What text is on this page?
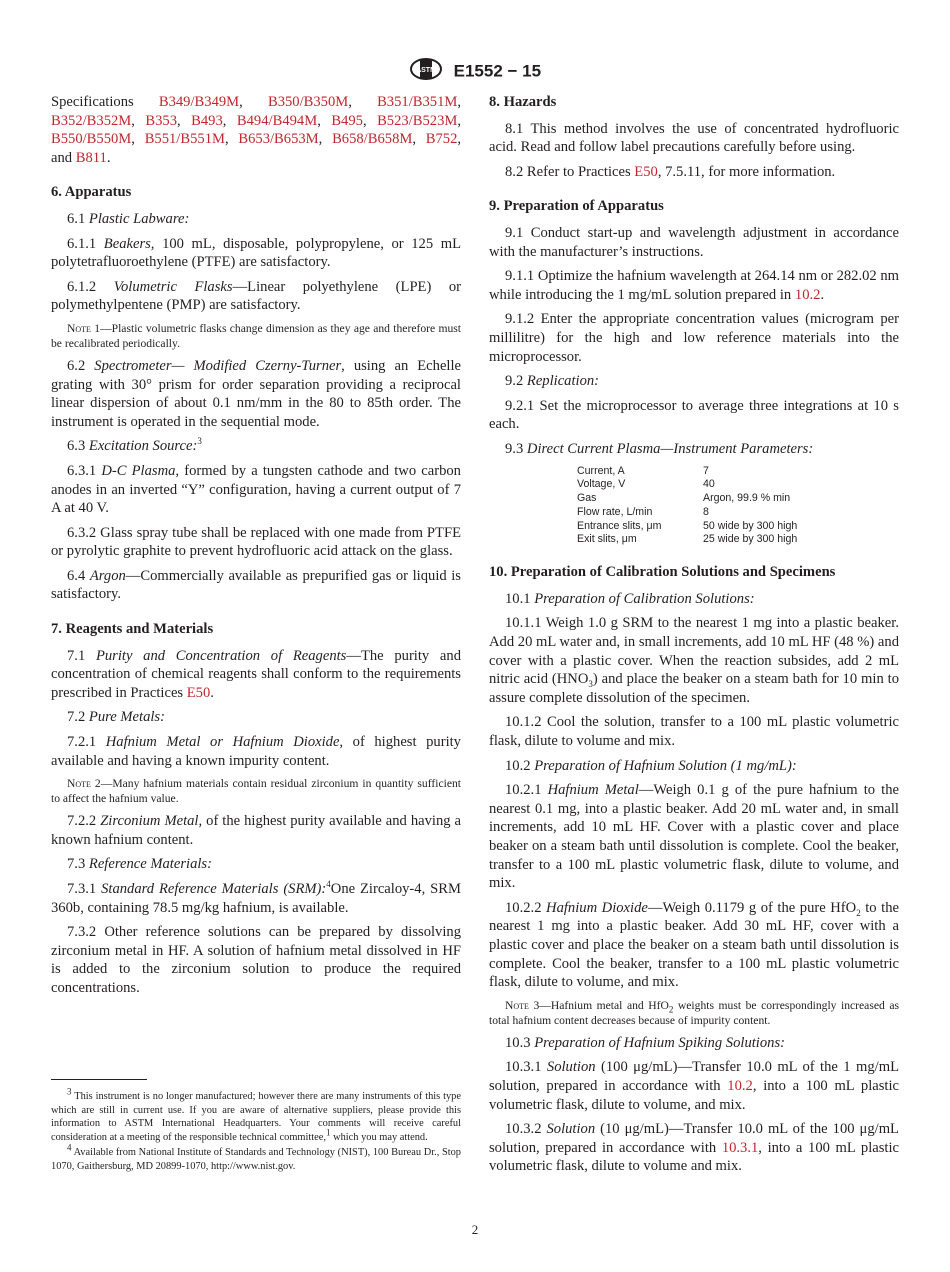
ASTM E1552 − 15

Specifications B349/B349M, B350/B350M, B351/B351M, B352/B352M, B353, B493, B494/B494M, B495, B523/B523M, B550/B550M, B551/B551M, B653/B653M, B658/B658M, B752, and B811.

6. Apparatus

6.1 Plastic Labware:

6.1.1 Beakers, 100 mL, disposable, polypropylene, or 125 mL polytetrafluoroethylene (PTFE) are satisfactory.

6.1.2 Volumetric Flasks—Linear polyethylene (LPE) or polymethylpentene (PMP) are satisfactory.

Note 1—Plastic volumetric flasks change dimension as they age and therefore must be recalibrated periodically.

6.2 Spectrometer— Modified Czerny-Turner, using an Echelle grating with 30° prism for order separation providing a reciprocal linear dispersion of about 0.1 nm/mm in the 80 to 85th order. The instrument is operated in the sequential mode.

6.3 Excitation Source:$^3$

6.3.1 D-C Plasma, formed by a tungsten cathode and two carbon anodes in an inverted “Y” configuration, having a current output of 7 A at 40 V.

6.3.2 Glass spray tube shall be replaced with one made from PTFE or pyrolytic graphite to prevent hydrofluoric acid attack on the glass.

6.4 Argon—Commercially available as prepurified gas or liquid is satisfactory.

7. Reagents and Materials

7.1 Purity and Concentration of Reagents—The purity and concentration of chemical reagents shall conform to the requirements prescribed in Practices E50.

7.2 Pure Metals:

7.2.1 Hafnium Metal or Hafnium Dioxide, of highest purity available and having a known impurity content.

Note 2—Many hafnium materials contain residual zirconium in quantity sufficient to affect the hafnium value.

7.2.2 Zirconium Metal, of the highest purity available and having a known hafnium content.

7.3 Reference Materials:

7.3.1 Standard Reference Materials (SRM):$^4$One Zircaloy-4, SRM 360b, containing 78.5 mg/kg hafnium, is available.

7.3.2 Other reference solutions can be prepared by dissolving zirconium metal in HF. A solution of hafnium metal dissolved in HF is added to the zirconium solution to produce the required concentrations.

$^3$ This instrument is no longer manufactured; however there are many instruments of this type which are still in current use. If you are aware of alternative suppliers, please provide this information to ASTM International Headquarters. Your comments will receive careful consideration at a meeting of the responsible technical committee,$^1$ which you may attend.

$^4$ Available from National Institute of Standards and Technology (NIST), 100 Bureau Dr., Stop 1070, Gaithersburg, MD 20899-1070, http://www.nist.gov.

8. Hazards

8.1 This method involves the use of concentrated hydrofluoric acid. Read and follow label precautions carefully before using.

8.2 Refer to Practices E50, 7.5.11, for more information.

9. Preparation of Apparatus

9.1 Conduct start-up and wavelength adjustment in accordance with the manufacturer’s instructions.

9.1.1 Optimize the hafnium wavelength at 264.14 nm or 282.02 nm while introducing the 1 mg/mL solution prepared in 10.2.

9.1.2 Enter the appropriate concentration values (microgram per millilitre) for the high and low reference materials into the microprocessor.

9.2 Replication:

9.2.1 Set the microprocessor to average three integrations at 10 s each.

9.3 Direct Current Plasma—Instrument Parameters:

Current, A	7
Voltage, V	40
Gas	Argon, 99.9 % min
Flow rate, L/min	8
Entrance slits, μm	50 wide by 300 high
Exit slits, μm	25 wide by 300 high
10. Preparation of Calibration Solutions and Specimens

10.1 Preparation of Calibration Solutions:

10.1.1 Weigh 1.0 g SRM to the nearest 1 mg into a plastic beaker. Add 20 mL water and, in small increments, add 10 mL HF (48 %) and cover with a plastic cover. When the reaction subsides, add 2 mL nitric acid $(HNO_3)$ and place the beaker on a steam bath for 10 min to assure complete dissolution of the specimen.

10.1.2 Cool the solution, transfer to a 100 mL plastic volumetric flask, dilute to volume and mix.

10.2 Preparation of Hafnium Solution (1 mg/mL):

10.2.1 Hafnium Metal—Weigh 0.1 g of the pure hafnium to the nearest 0.1 mg, into a plastic beaker. Add 20 mL water and, in small increments, add 10 mL HF. Cover with a plastic cover and place beaker on a steam bath until dissolution is complete. Cool the beaker, transfer to a 100 mL plastic volumetric flask, dilute to volume, and mix.

10.2.2 Hafnium Dioxide—Weigh 0.1179 g of the pure HfO$_2$ to the nearest 1 mg into a plastic beaker. Add 30 mL HF, cover with a plastic cover and place the beaker on a steam bath until dissolution is complete. Cool the beaker, transfer to a 100 mL plastic volumetric flask, dilute to volume, and mix.

Note 3—Hafnium metal and HfO$_2$ weights must be correspondingly increased as total hafnium content decreases because of impurity content.

10.3 Preparation of Hafnium Spiking Solutions:

10.3.1 Solution (100 μg/mL)—Transfer 10.0 mL of the 1 mg/mL solution, prepared in accordance with 10.2, into a 100 mL plastic volumetric flask, dilute to volume, and mix.

10.3.2 Solution (10 μg/mL)—Transfer 10.0 mL of the 100 μg/mL solution, prepared in accordance with 10.3.1, into a 100 mL plastic volumetric flask, dilute to volume and mix.

2
